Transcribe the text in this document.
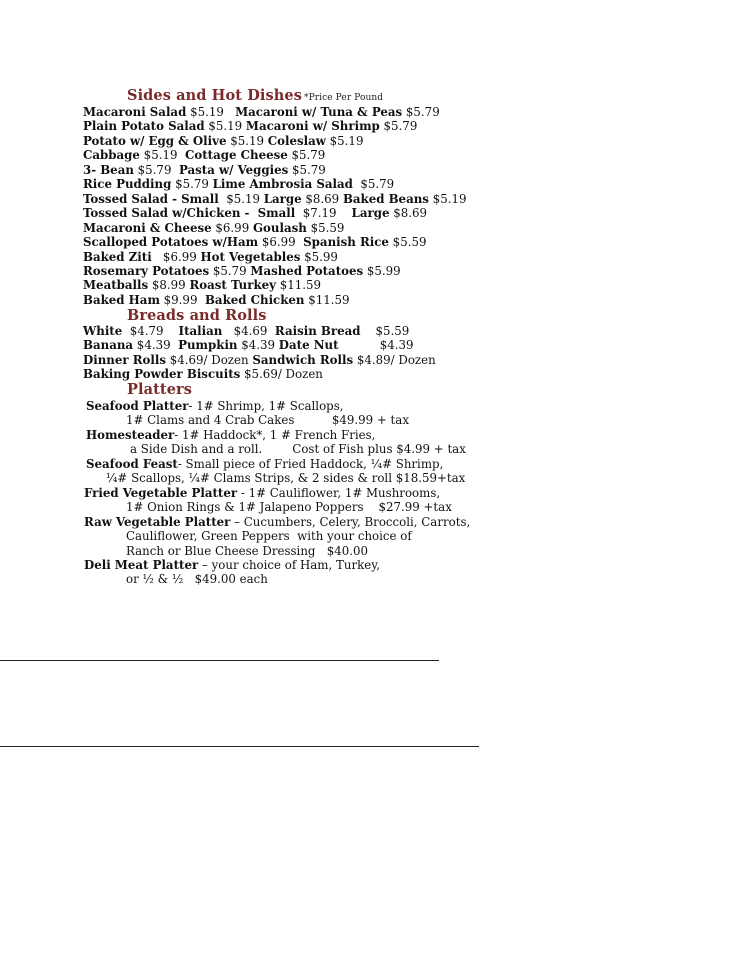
Sides and Hot Dishes *Price Per Pound
Macaroni Salad $5.19   Macaroni w/ Tuna & Peas $5.79
Plain Potato Salad $5.19 Macaroni w/ Shrimp $5.79
Potato w/ Egg & Olive $5.19 Coleslaw $5.19
Cabbage $5.19  Cottage Cheese $5.79
3- Bean $5.79  Pasta w/ Veggies $5.79
Rice Pudding $5.79 Lime Ambrosia Salad  $5.79
Tossed Salad - Small  $5.19 Large $8.69 Baked Beans $5.19
Tossed Salad w/Chicken -  Small  $7.19    Large $8.69
Macaroni & Cheese $6.99 Goulash $5.59
Scalloped Potatoes w/Ham $6.99  Spanish Rice $5.59
Baked Ziti   $6.99 Hot Vegetables $5.99
Rosemary Potatoes $5.79 Mashed Potatoes $5.99
Meatballs $8.99 Roast Turkey $11.59
Baked Ham $9.99  Baked Chicken $11.59
Breads and Rolls
White  $4.79    Italian   $4.69  Raisin Bread    $5.59
Banana $4.39  Pumpkin $4.39 Date Nut           $4.39
Dinner Rolls $4.69/ Dozen Sandwich Rolls $4.89/ Dozen
Baking Powder Biscuits $5.69/ Dozen
Platters
Seafood Platter- 1# Shrimp, 1# Scallops,
1# Clams and 4 Crab Cakes          $49.99 + tax
Homesteader- 1# Haddock*, 1 # French Fries,
a Side Dish and a roll.        Cost of Fish plus $4.99 + tax
Seafood Feast- Small piece of Fried Haddock, ¼# Shrimp,
¼# Scallops, ¼# Clams Strips, & 2 sides & roll $18.59+tax
Fried Vegetable Platter - 1# Cauliflower, 1# Mushrooms,
1# Onion Rings & 1# Jalapeno Poppers    $27.99 +tax
Raw Vegetable Platter – Cucumbers, Celery, Broccoli, Carrots,
Cauliflower, Green Peppers  with your choice of
Ranch or Blue Cheese Dressing   $40.00
Deli Meat Platter – your choice of Ham, Turkey,
or ½ & ½   $49.00 each
